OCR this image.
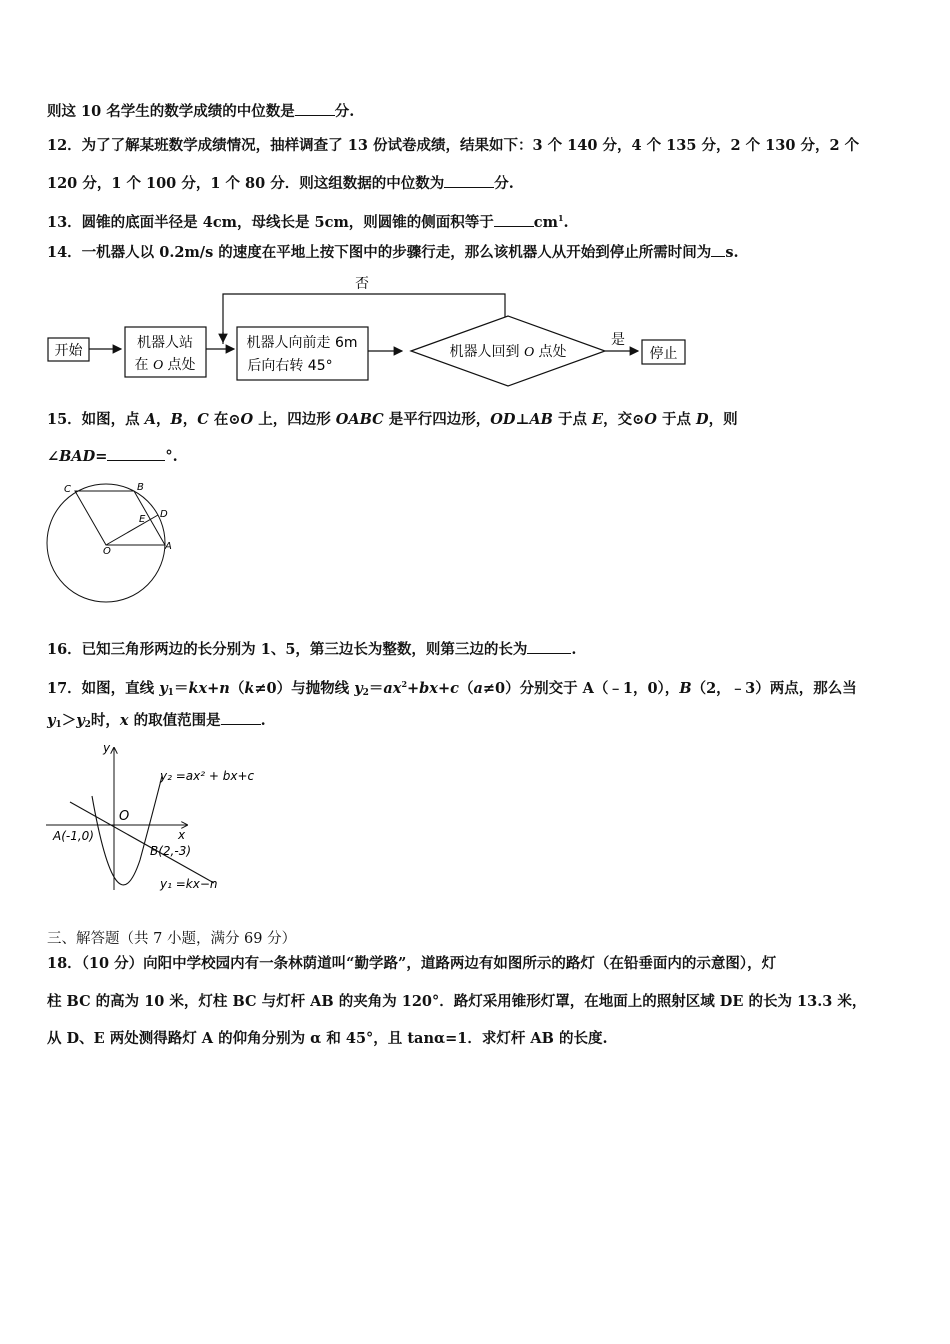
则这 10 名学生的数学成绩的中位数是	分.
12．为了了解某班数学成绩情况，抽样调查了 13 份试卷成绩，结果如下：3 个 140 分，4 个 135 分，2 个 130 分，2 个
120 分，1 个 100 分，1 个 80 分．则这组数据的中位数为	分.
13．圆锥的底面半径是 4cm，母线长是 5cm，则圆锥的侧面积等于	$cm^1$.
14．一机器人以 0.2m/s 的速度在平地上按下图中的步骤行走，那么该机器人从开始到停止所需时间为 s.
开始	机器人站
在 O 点处
机器人向前走 6m
后向右转 45°
机器人回到 O 点处
否
是
停止
15．如图，点 A，B，C 在⊙O 上，四边形 OABC 是平行四边形，OD⊥AB 于点 E，交⊙O 于点 D，则
∠BAD=	°.
C	B
E D
O	A
16．已知三角形两边的长分别为 1、5，第三边长为整数，则第三边的长为	.
17．如图，直线 $y_1=kx+n(k\ne 0)$与抛物线 $y_2=ax^2+bx+c(a\ne 0)$分别交于 A（﹣1，0），B（2，﹣3）两点，那么当
$y_1>y_2$时，x 的取值范围是	.
y
x
O
A(-1,0)
B(2,-3)
y₂ =ax² + bx+c
y₁ =kx−n
三、解答题（共 7 小题，满分 69 分）
18．（10 分）向阳中学校园内有一条林荫道叫“勤学路”，道路两边有如图所示的路灯（在铅垂面内的示意图），灯
柱 BC 的高为 10 米，灯柱 BC 与灯杆 AB 的夹角为 120°．路灯采用锥形灯罩，在地面上的照射区域 DE 的长为 13.3 米，
从 D、E 两处测得路灯 A 的仰角分别为 α 和 45°，且 tanα=1．求灯杆 AB 的长度.
